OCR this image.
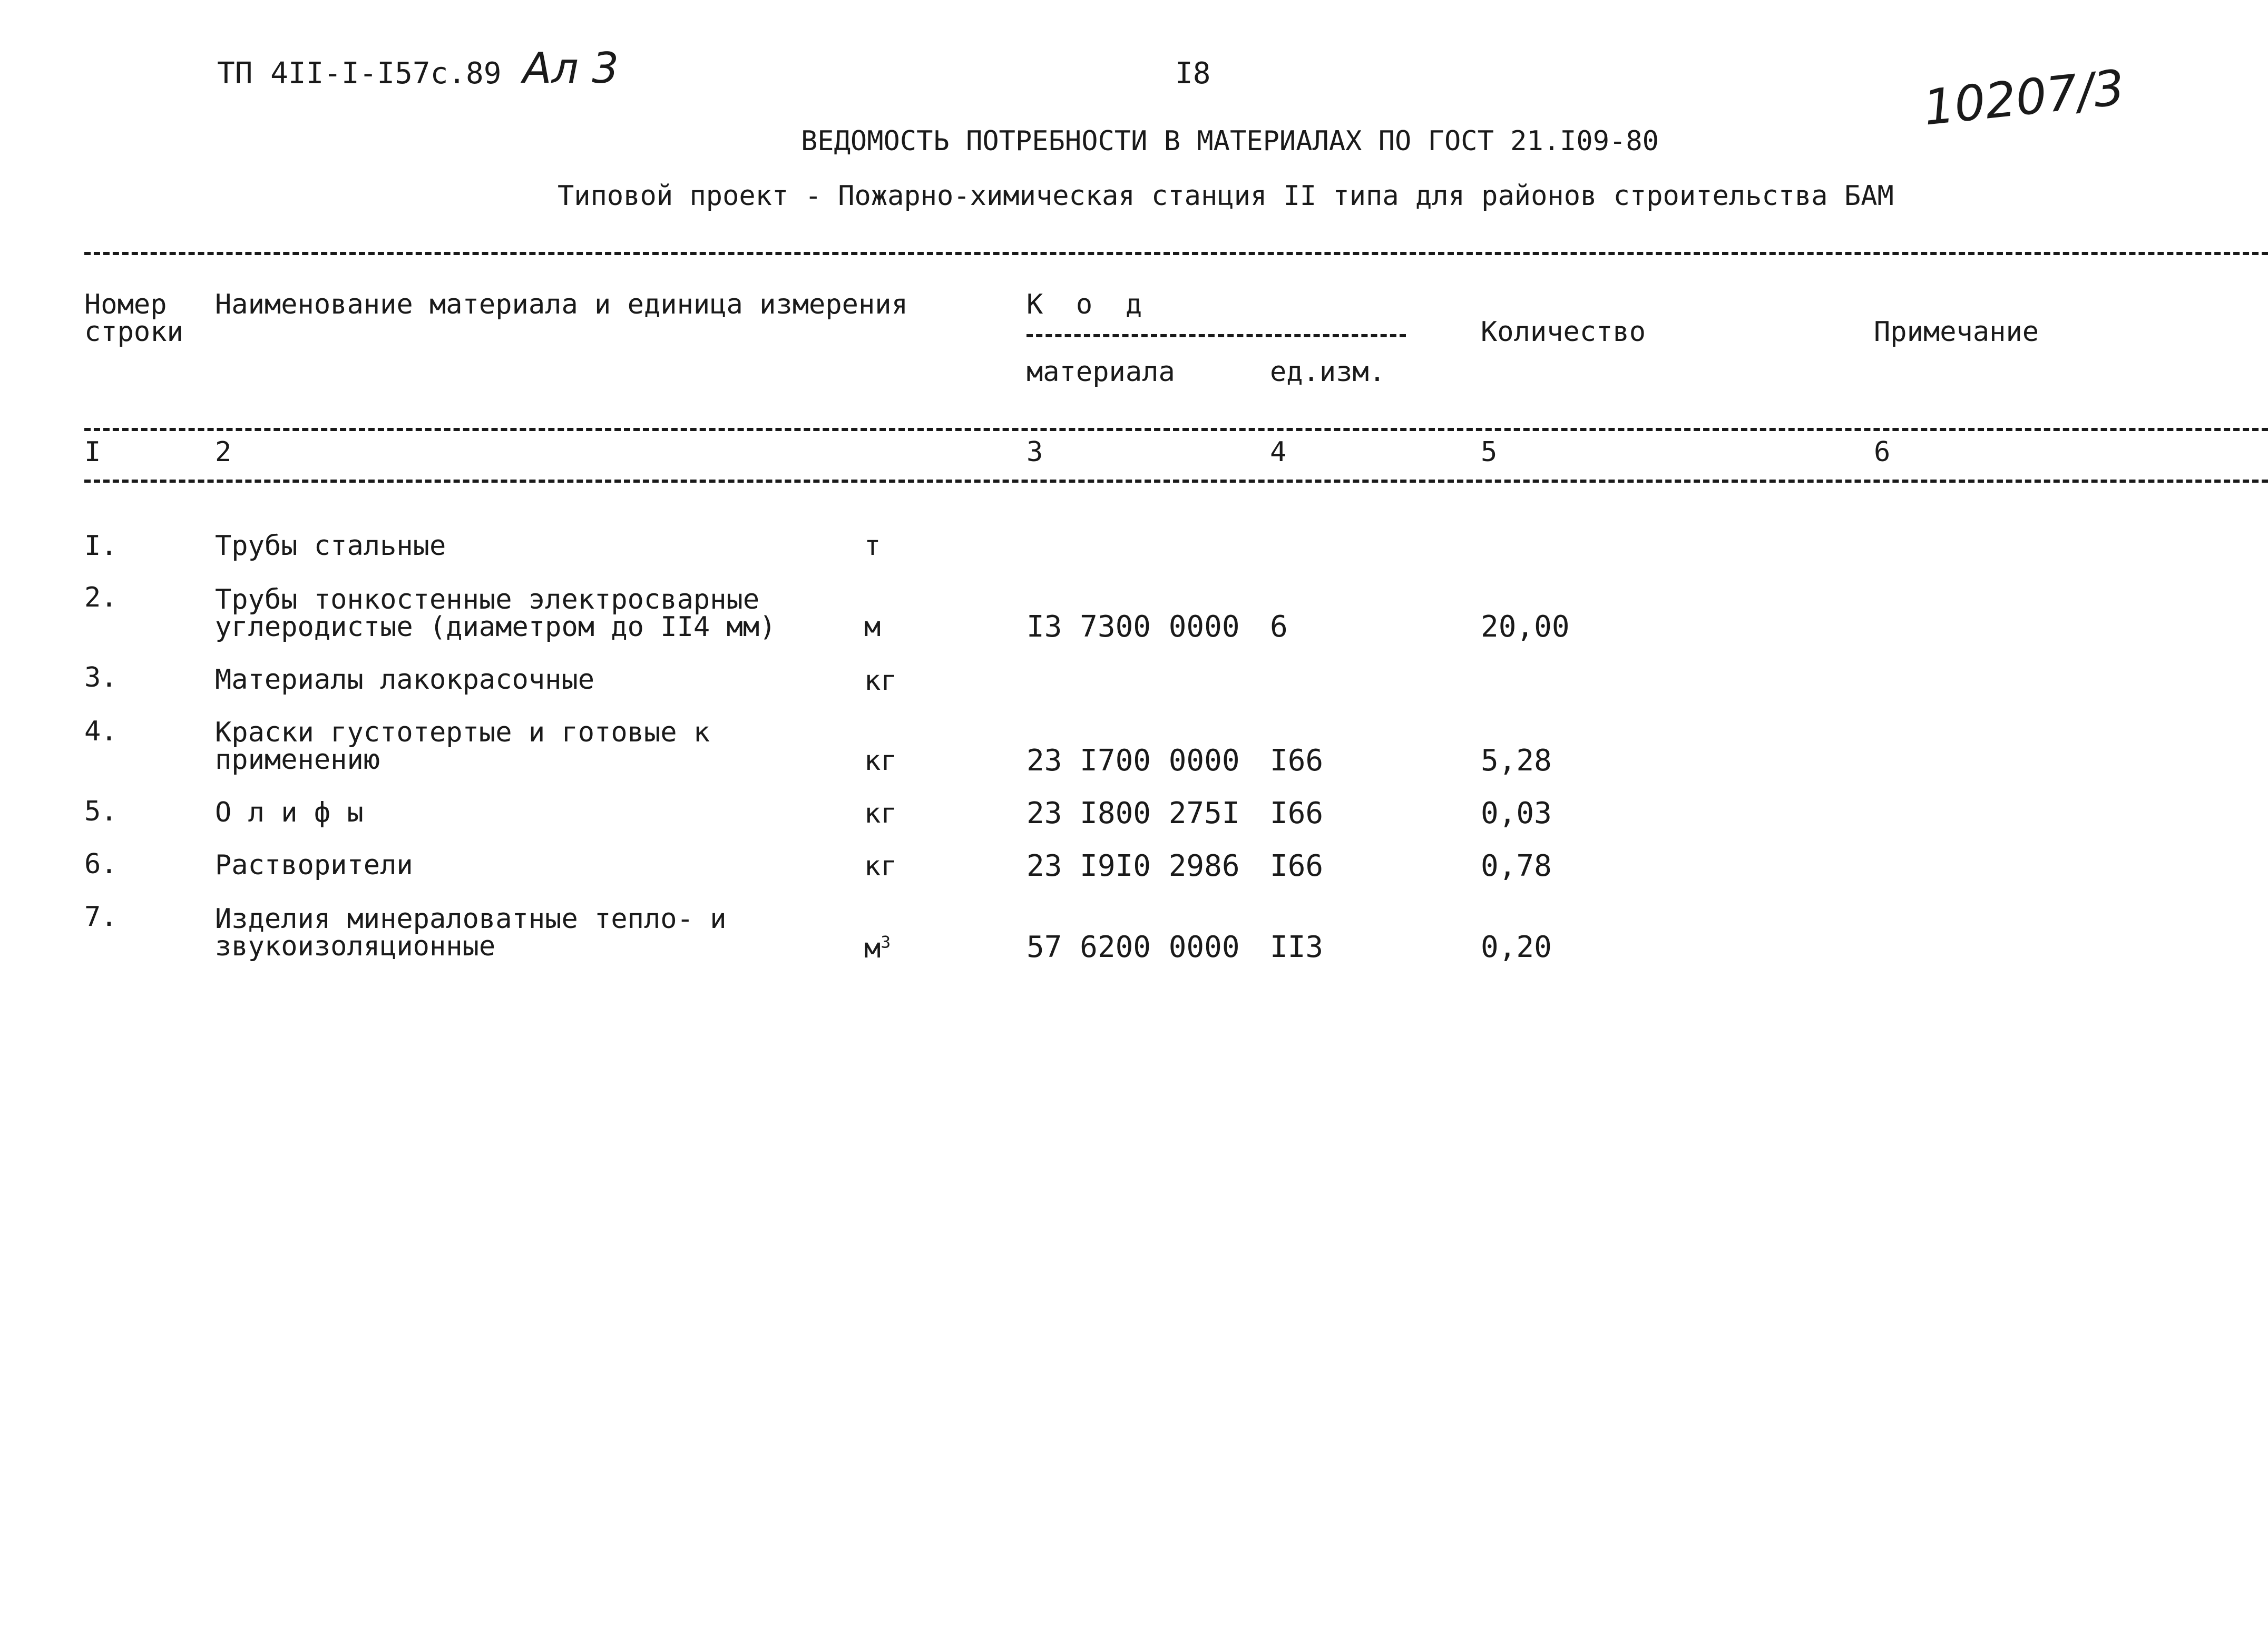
ТП 4II-I-I57с.89 Ал 3	I8	10207/3
ВЕДОМОСТЬ ПОТРЕБНОСТИ В МАТЕРИАЛАХ ПО ГОСТ 21.I09-80
Типовой проект - Пожарно-химическая станция II типа для районов строительства БАМ
Номер
строки
Наименование материала и единица измерения	К  о  д
материала	ед.изм.
Количество	Примечание
I	2	3	4	5	6
I.	Трубы стальные	т
2.	Трубы тонкостенные электросварные
углеродистые (диаметром до II4 мм)	м	I3 7300 0000 6	20,00
3.	Материалы лакокрасочные	кг
4.	Краски густотертые и готовые к
применению	кг	23 I700 0000 I66	5,28
5.	О л и ф ы	кг	23 I800 275I I66	0,03
6.	Растворители	кг	23 I9I0 2986 I66	0,78
7.	Изделия минераловатные тепло- и
звукоизоляционные	$м^3$	57 6200 0000 II3	0,20
